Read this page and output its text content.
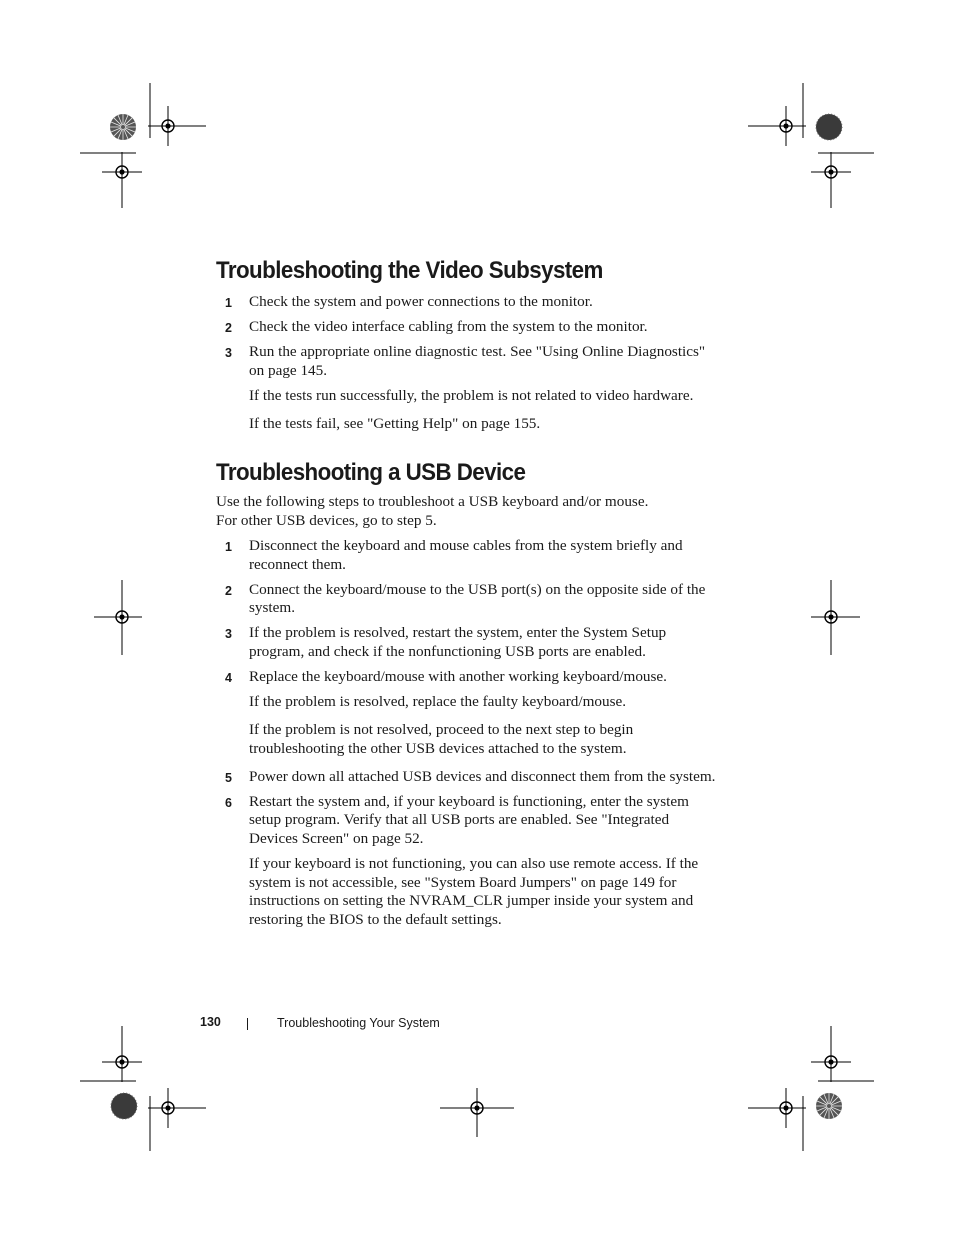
Troubleshooting the Video Subsystem
1 Check the system and power connections to the monitor.
2 Check the video interface cabling from the system to the monitor.
3 Run the appropriate online diagnostic test. See "Using Online Diagnostics" on page 145.
If the tests run successfully, the problem is not related to video hardware.
If the tests fail, see "Getting Help" on page 155.
Troubleshooting a USB Device

Use the following steps to troubleshoot a USB keyboard and/or mouse.
For other USB devices, go to step 5.

1 Disconnect the keyboard and mouse cables from the system briefly and reconnect them.
2 Connect the keyboard/mouse to the USB port(s) on the opposite side of the system.
3 If the problem is resolved, restart the system, enter the System Setup program, and check if the nonfunctioning USB ports are enabled.
4 Replace the keyboard/mouse with another working keyboard/mouse.
If the problem is resolved, replace the faulty keyboard/mouse.
If the problem is not resolved, proceed to the next step to begin troubleshooting the other USB devices attached to the system.
5 Power down all attached USB devices and disconnect them from the system.
6 Restart the system and, if your keyboard is functioning, enter the system setup program. Verify that all USB ports are enabled. See "Integrated Devices Screen" on page 52.
If your keyboard is not functioning, you can also use remote access. If the system is not accessible, see "System Board Jumpers" on page 149 for instructions on setting the NVRAM_CLR jumper inside your system and restoring the BIOS to the default settings.
130	Troubleshooting Your System
